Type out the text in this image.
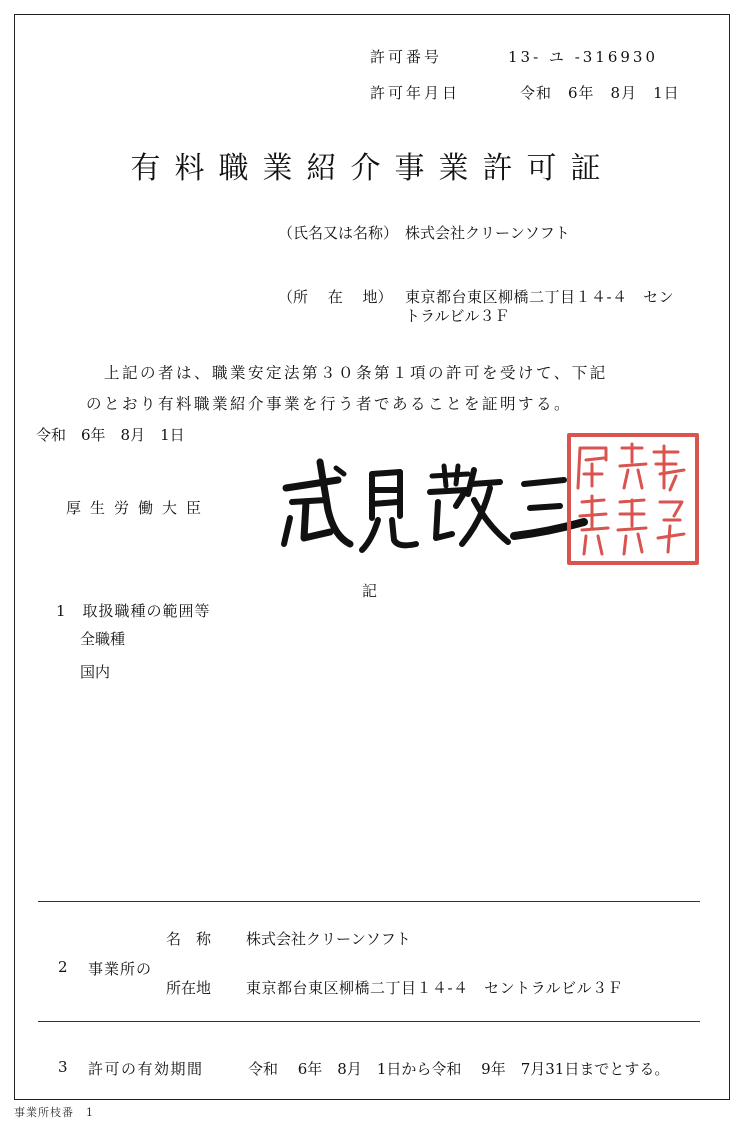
許可番号	13- ユ -316930
許可年月日	令和　6年　8月　1日
有料職業紹介事業許可証
（氏名又は名称） 株式会社クリーンソフト
（所　 在　 地） 東京都台東区柳橋二丁目１４-４　セン
トラルビル３Ｆ
上記の者は、職業安定法第３０条第１項の許可を受けて、下記
のとおり有料職業紹介事業を行う者であることを証明する。
令和　6年　8月　1日
厚生労働大臣
記
1　取扱職種の範囲等
全職種
国内
名　称 株式会社クリーンソフト
2 事業所の
所在地 東京都台東区柳橋二丁目１４-４　セントラルビル３Ｆ
3 許可の有効期間	令和　 6年　8月　1日から令和　 9年　7月31日までとする。
事業所枝番　1
